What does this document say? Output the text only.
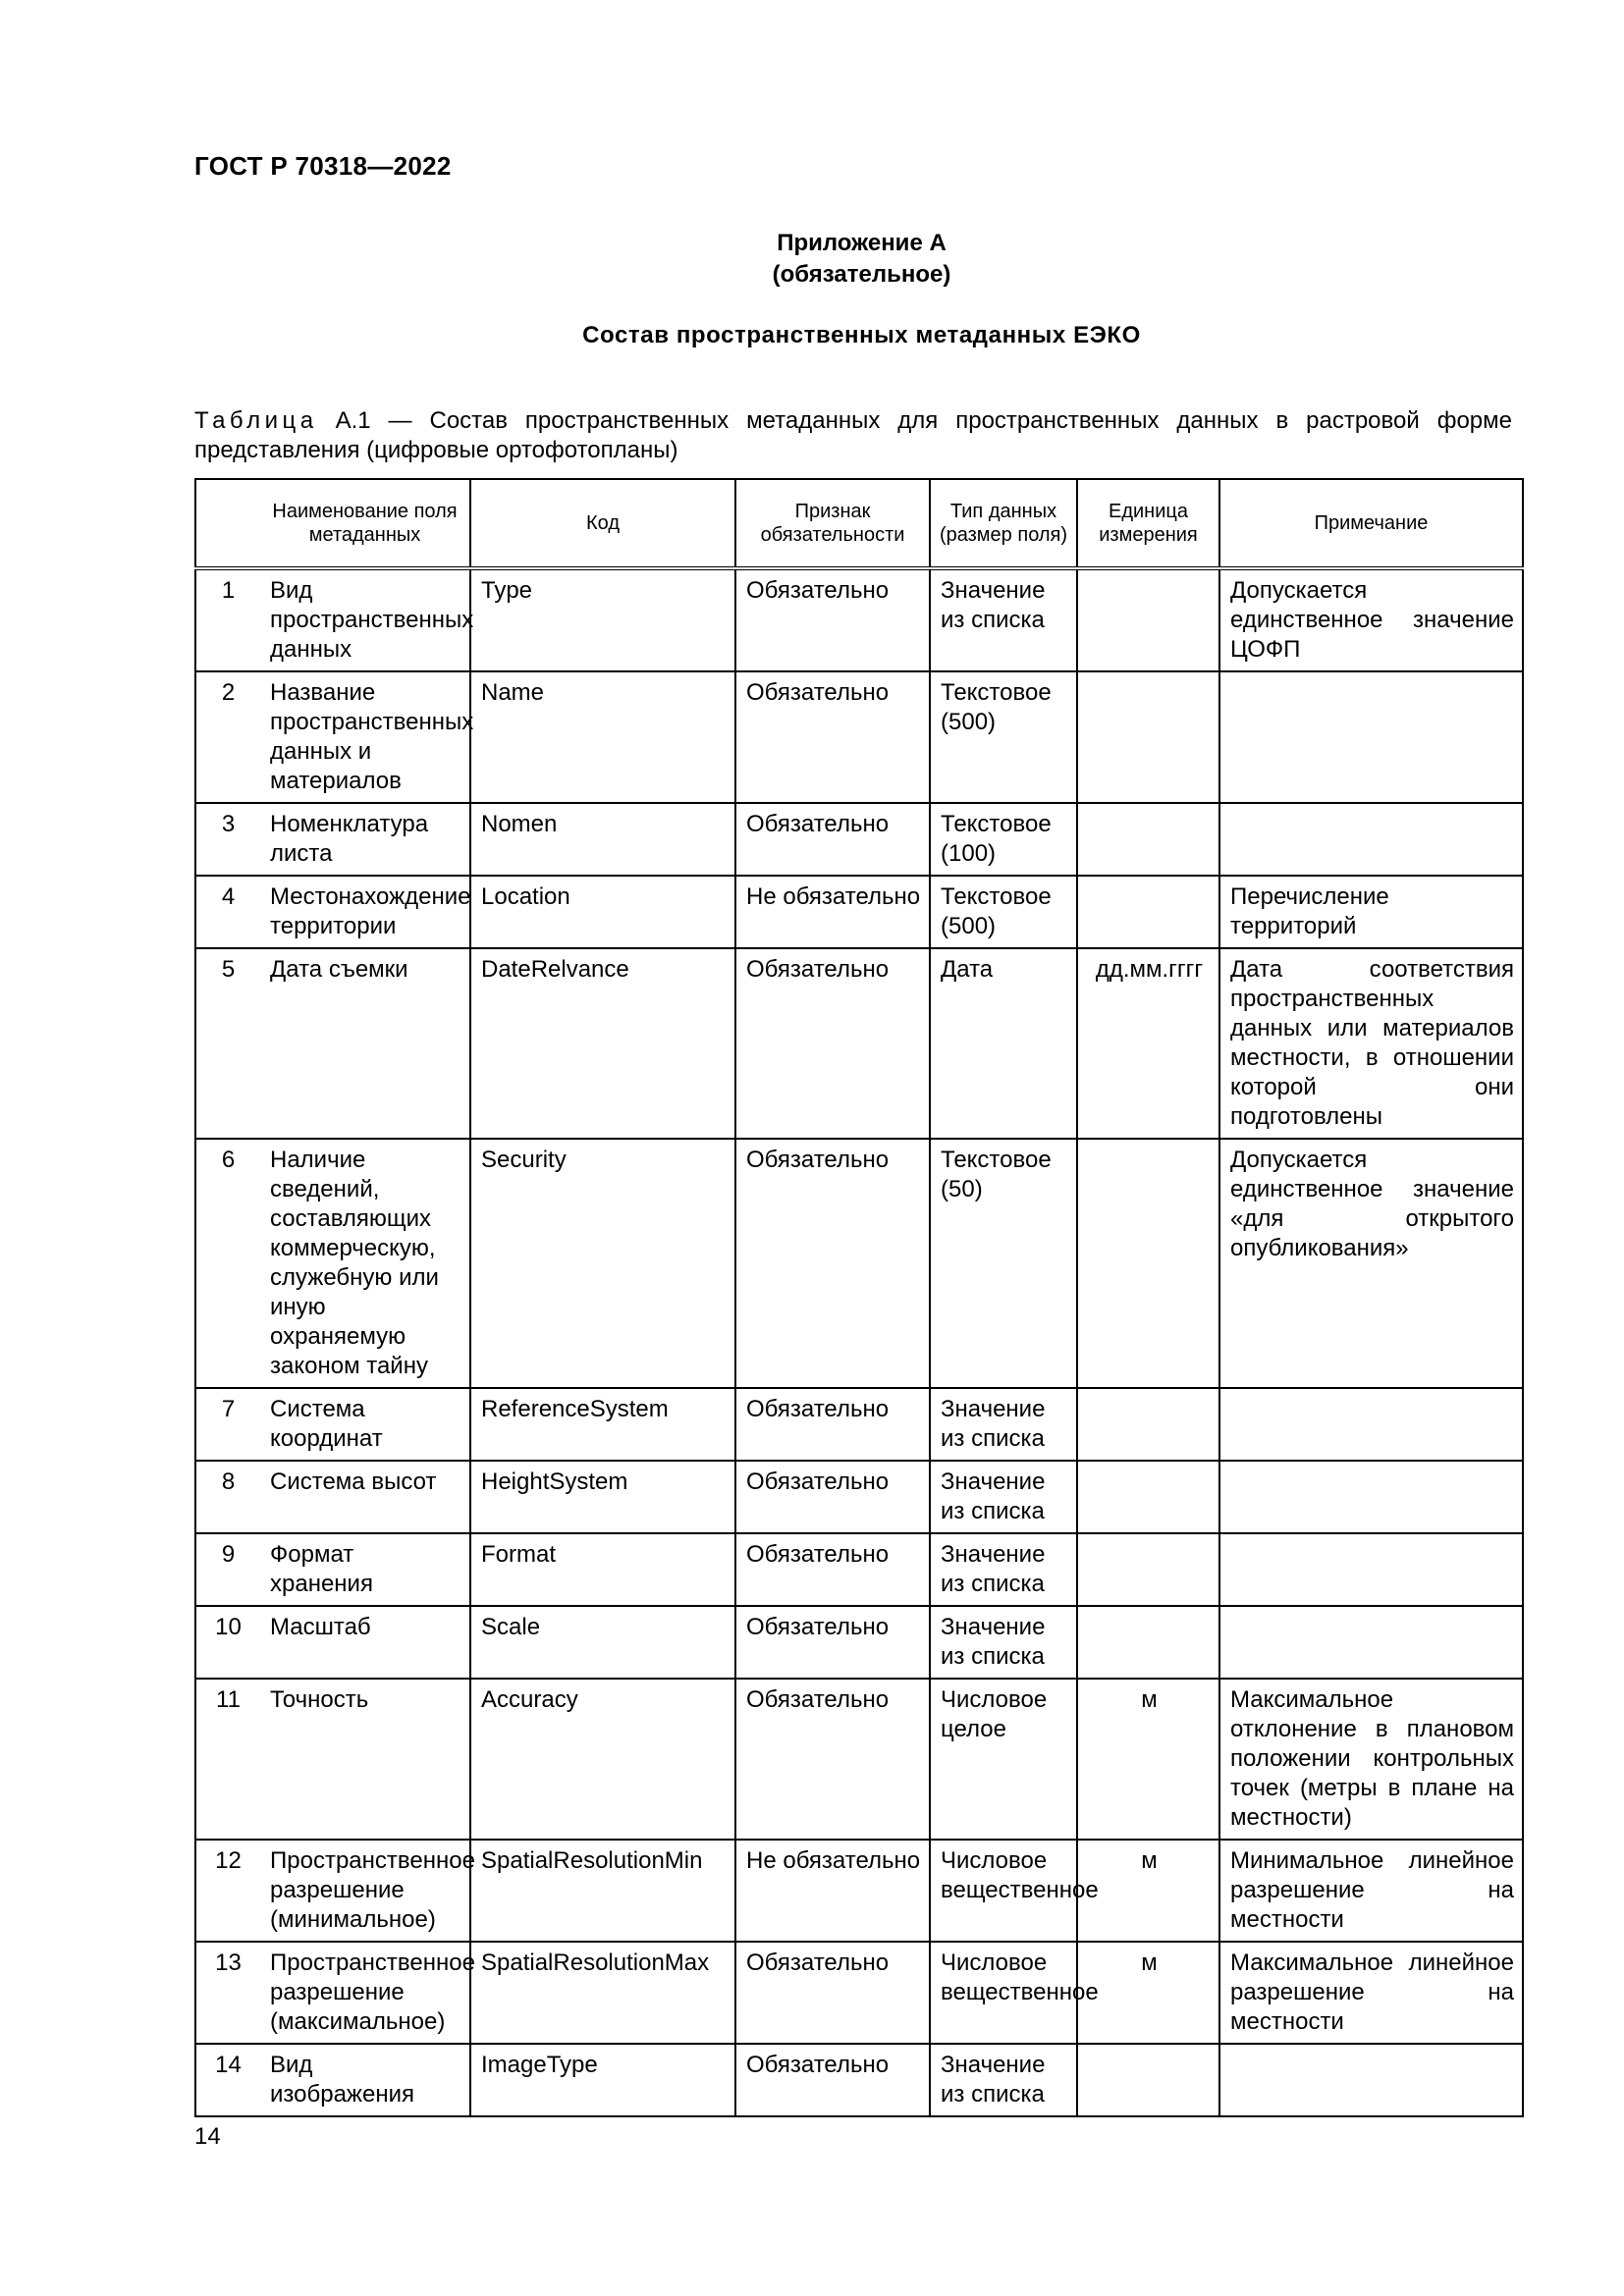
ГОСТ Р 70318—2022
Приложение А
(обязательное)
Состав пространственных метаданных ЕЭКО
Таблица А.1 — Состав пространственных метаданных для пространственных данных в растровой форме представления (цифровые ортофотопланы)
	Наименование поля метаданных	Код	Признак обязательности	Тип данных (размер поля)	Единица измерения	Примечание
1	Вид пространственных данных	Type	Обязательно	Значение из списка		Допускается единственное значение ЦОФП
2	Название пространственных данных и материалов	Name	Обязательно	Текстовое (500)		
3	Номенклатура листа	Nomen	Обязательно	Текстовое (100)		
4	Местонахождение территории	Location	Не обязательно	Текстовое (500)		Перечисление территорий
5	Дата съемки	DateRelvance	Обязательно	Дата	дд.мм.гггг	Дата соответствия пространственных данных или материалов местности, в отношении которой они подготовлены
6	Наличие сведений, составляющих коммерческую, служебную или иную охраняемую законом тайну	Security	Обязательно	Текстовое (50)		Допускается единственное значение «для открытого опубликования»
7	Система координат	ReferenceSystem	Обязательно	Значение из списка		
8	Система высот	HeightSystem	Обязательно	Значение из списка		
9	Формат хранения	Format	Обязательно	Значение из списка		
10	Масштаб	Scale	Обязательно	Значение из списка		
11	Точность	Accuracy	Обязательно	Числовое целое	м	Максимальное отклонение в плановом положении контрольных точек (метры в плане на местности)
12	Пространственное разрешение (минимальное)	SpatialResolutionMin	Не обязательно	Числовое вещественное	м	Минимальное линейное разрешение на местности
13	Пространственное разрешение (максимальное)	SpatialResolutionMax	Обязательно	Числовое вещественное	м	Максимальное линейное разрешение на местности
14	Вид изображения	ImageType	Обязательно	Значение из списка		
14
